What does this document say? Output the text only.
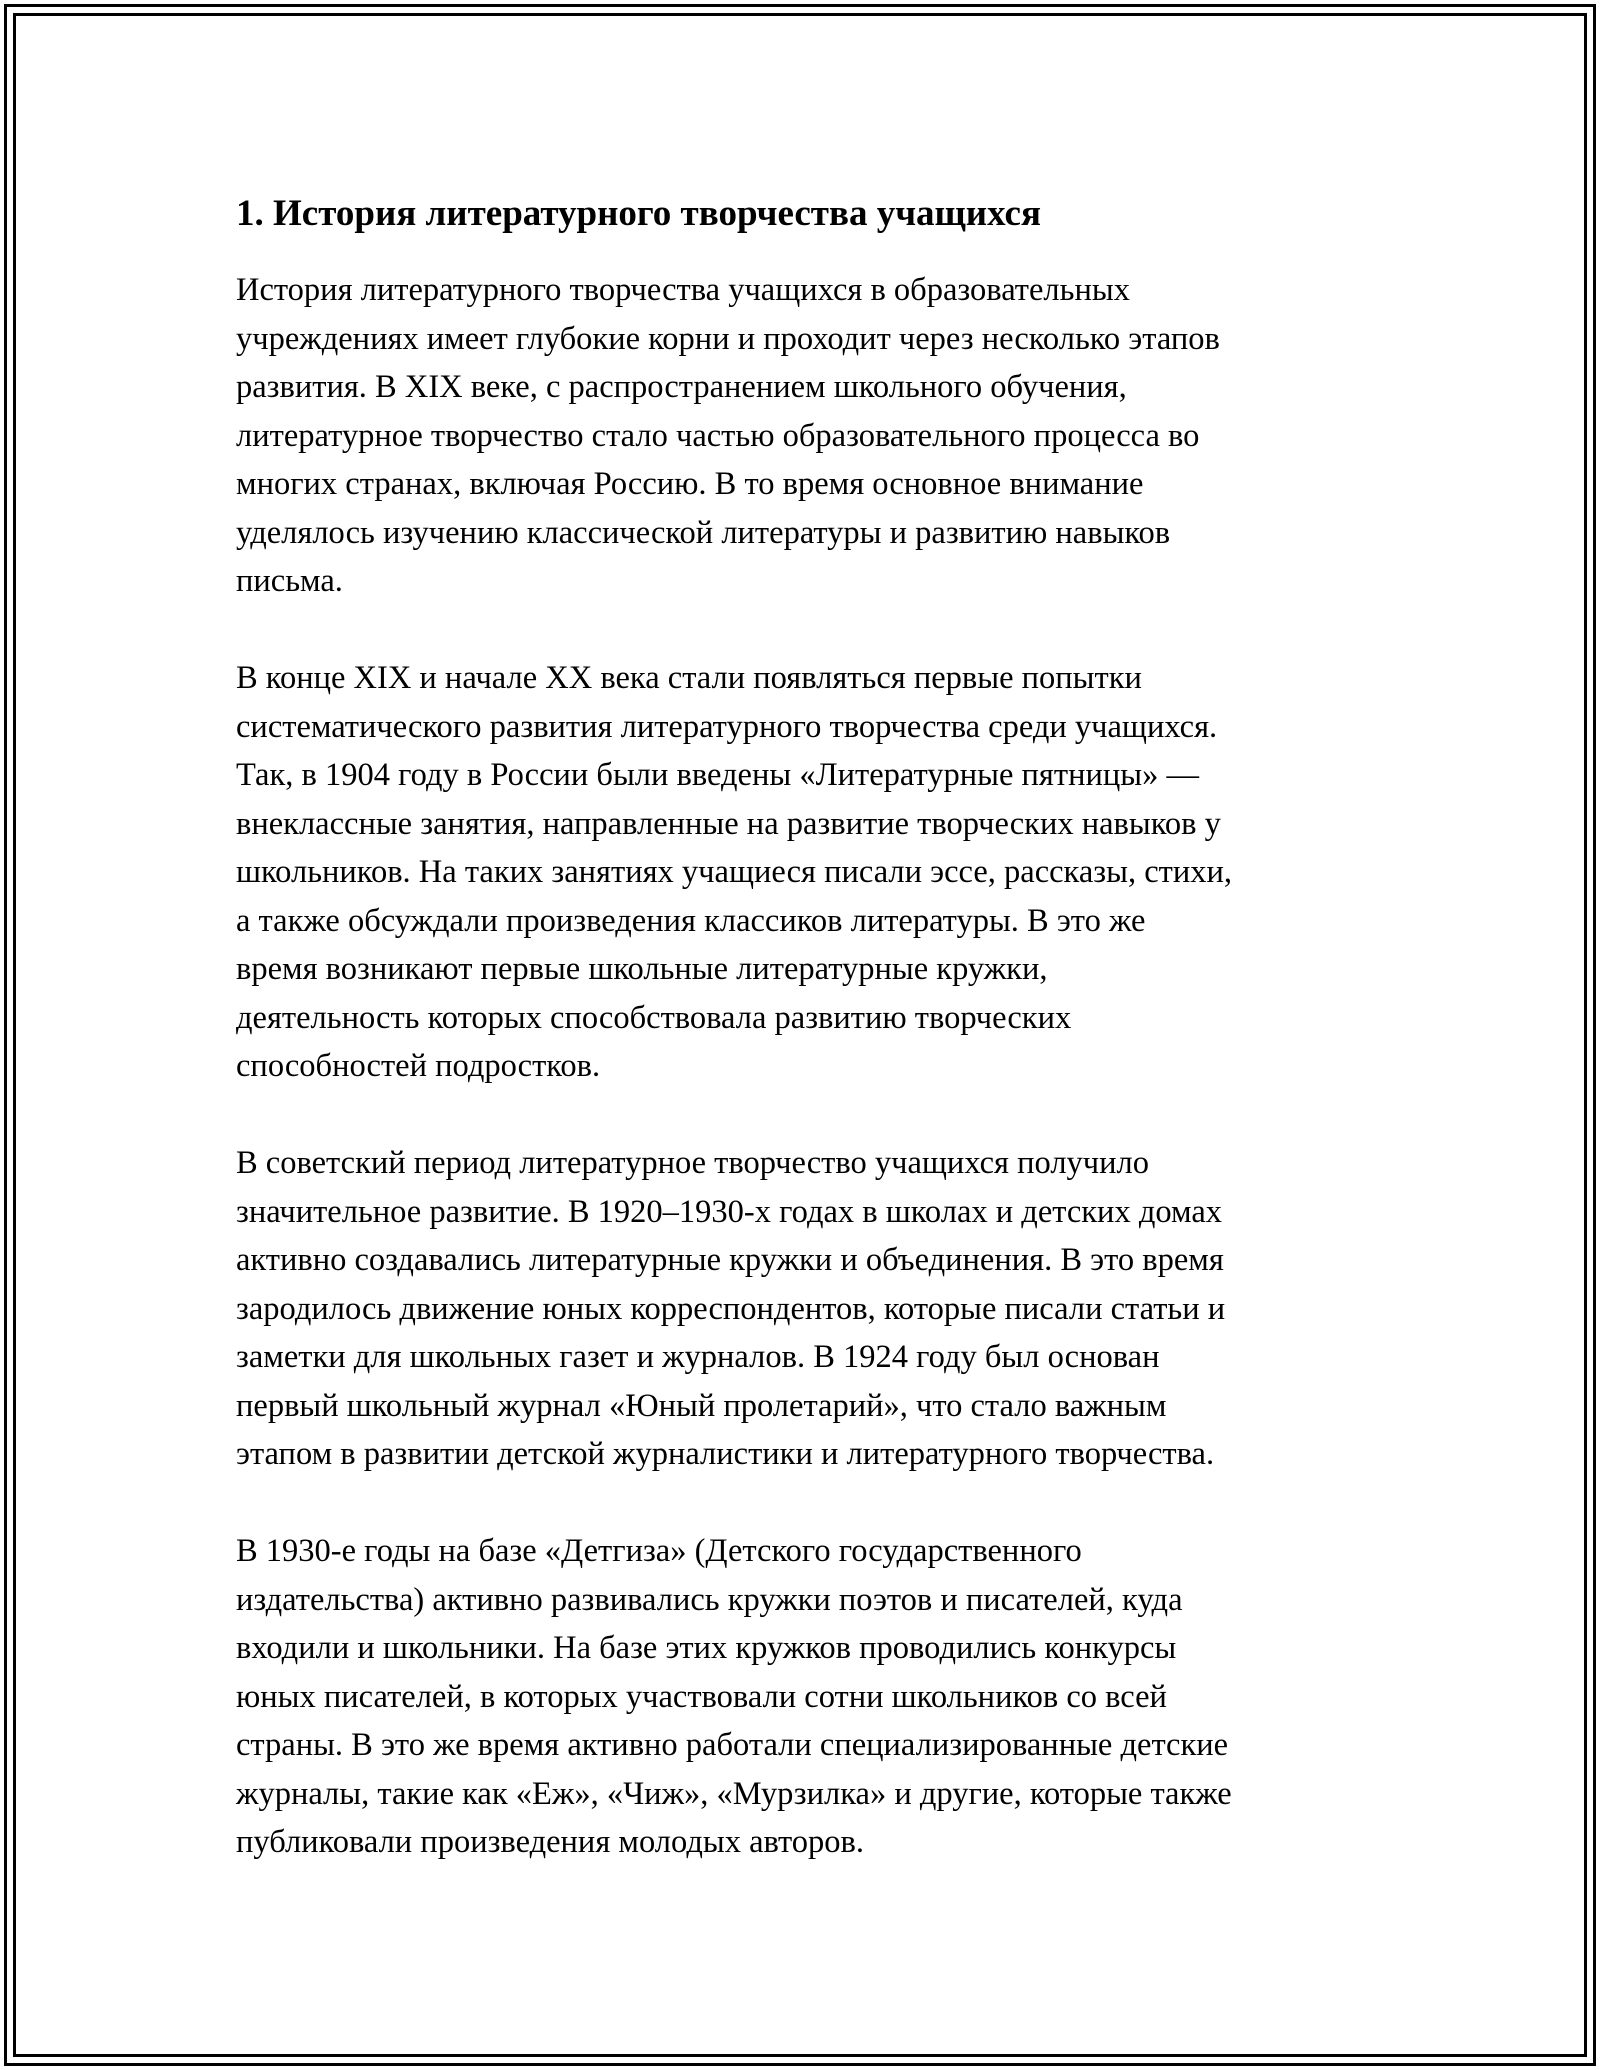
1. История литературного творчества учащихся

История литературного творчества учащихся в образовательных
учреждениях имеет глубокие корни и проходит через несколько этапов
развития. В XIX веке, с распространением школьного обучения,
литературное творчество стало частью образовательного процесса во
многих странах, включая Россию. В то время основное внимание
уделялось изучению классической литературы и развитию навыков
письма.

В конце XIX и начале XX века стали появляться первые попытки
систематического развития литературного творчества среди учащихся.
Так, в 1904 году в России были введены «Литературные пятницы» —
внеклассные занятия, направленные на развитие творческих навыков у
школьников. На таких занятиях учащиеся писали эссе, рассказы, стихи,
а также обсуждали произведения классиков литературы. В это же
время возникают первые школьные литературные кружки,
деятельность которых способствовала развитию творческих
способностей подростков.

В советский период литературное творчество учащихся получило
значительное развитие. В 1920–1930-х годах в школах и детских домах
активно создавались литературные кружки и объединения. В это время
зародилось движение юных корреспондентов, которые писали статьи и
заметки для школьных газет и журналов. В 1924 году был основан
первый школьный журнал «Юный пролетарий», что стало важным
этапом в развитии детской журналистики и литературного творчества.

В 1930-е годы на базе «Детгиза» (Детского государственного
издательства) активно развивались кружки поэтов и писателей, куда
входили и школьники. На базе этих кружков проводились конкурсы
юных писателей, в которых участвовали сотни школьников со всей
страны. В это же время активно работали специализированные детские
журналы, такие как «Еж», «Чиж», «Мурзилка» и другие, которые также
публиковали произведения молодых авторов.
